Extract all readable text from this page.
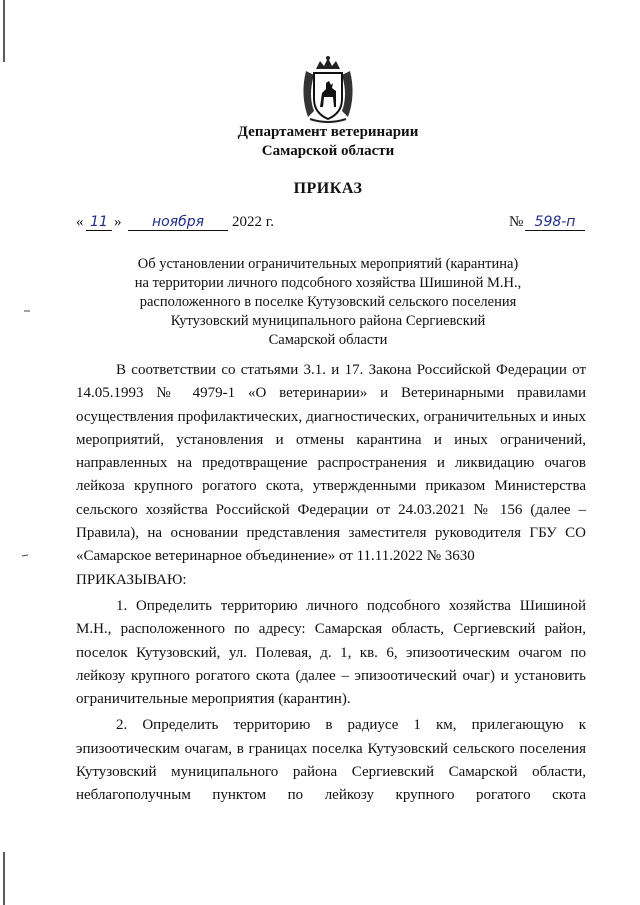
Департамент ветеринарии
Самарской области
ПРИКАЗ
« 11 »	ноября	2022 г.	№ 598-п
Об установлении ограничительных мероприятий (карантина)
на территории личного подсобного хозяйства Шишиной М.Н.,
расположенного в поселке Кутузовский сельского поселения
Кутузовский муниципального района Сергиевский
Самарской области

В соответствии со статьями 3.1. и 17. Закона Российской Федерации от 14.05.1993 № 4979-1 «О ветеринарии» и Ветеринарными правилами осуществления профилактических, диагностических, ограничительных и иных мероприятий, установления и отмены карантина и иных ограничений, направленных на предотвращение распространения и ликвидацию очагов лейкоза крупного рогатого скота, утвержденными приказом Министерства сельского хозяйства Российской Федерации от 24.03.2021 № 156 (далее – Правила), на основании представления заместителя руководителя ГБУ СО «Самарское ветеринарное объединение» от 11.11.2022 № 3630

ПРИКАЗЫВАЮ:

1. Определить территорию личного подсобного хозяйства Шишиной М.Н., расположенного по адресу: Самарская область, Сергиевский район, поселок Кутузовский, ул. Полевая, д. 1, кв. 6, эпизоотическим очагом по лейкозу крупного рогатого скота (далее – эпизоотический очаг) и установить ограничительные мероприятия (карантин).

2. Определить территорию в радиусе 1 км, прилегающую к эпизоотическим очагам, в границах поселка Кутузовский сельского поселения Кутузовский муниципального района Сергиевский Самарской области, неблагополучным пунктом по лейкозу крупного рогатого скота
